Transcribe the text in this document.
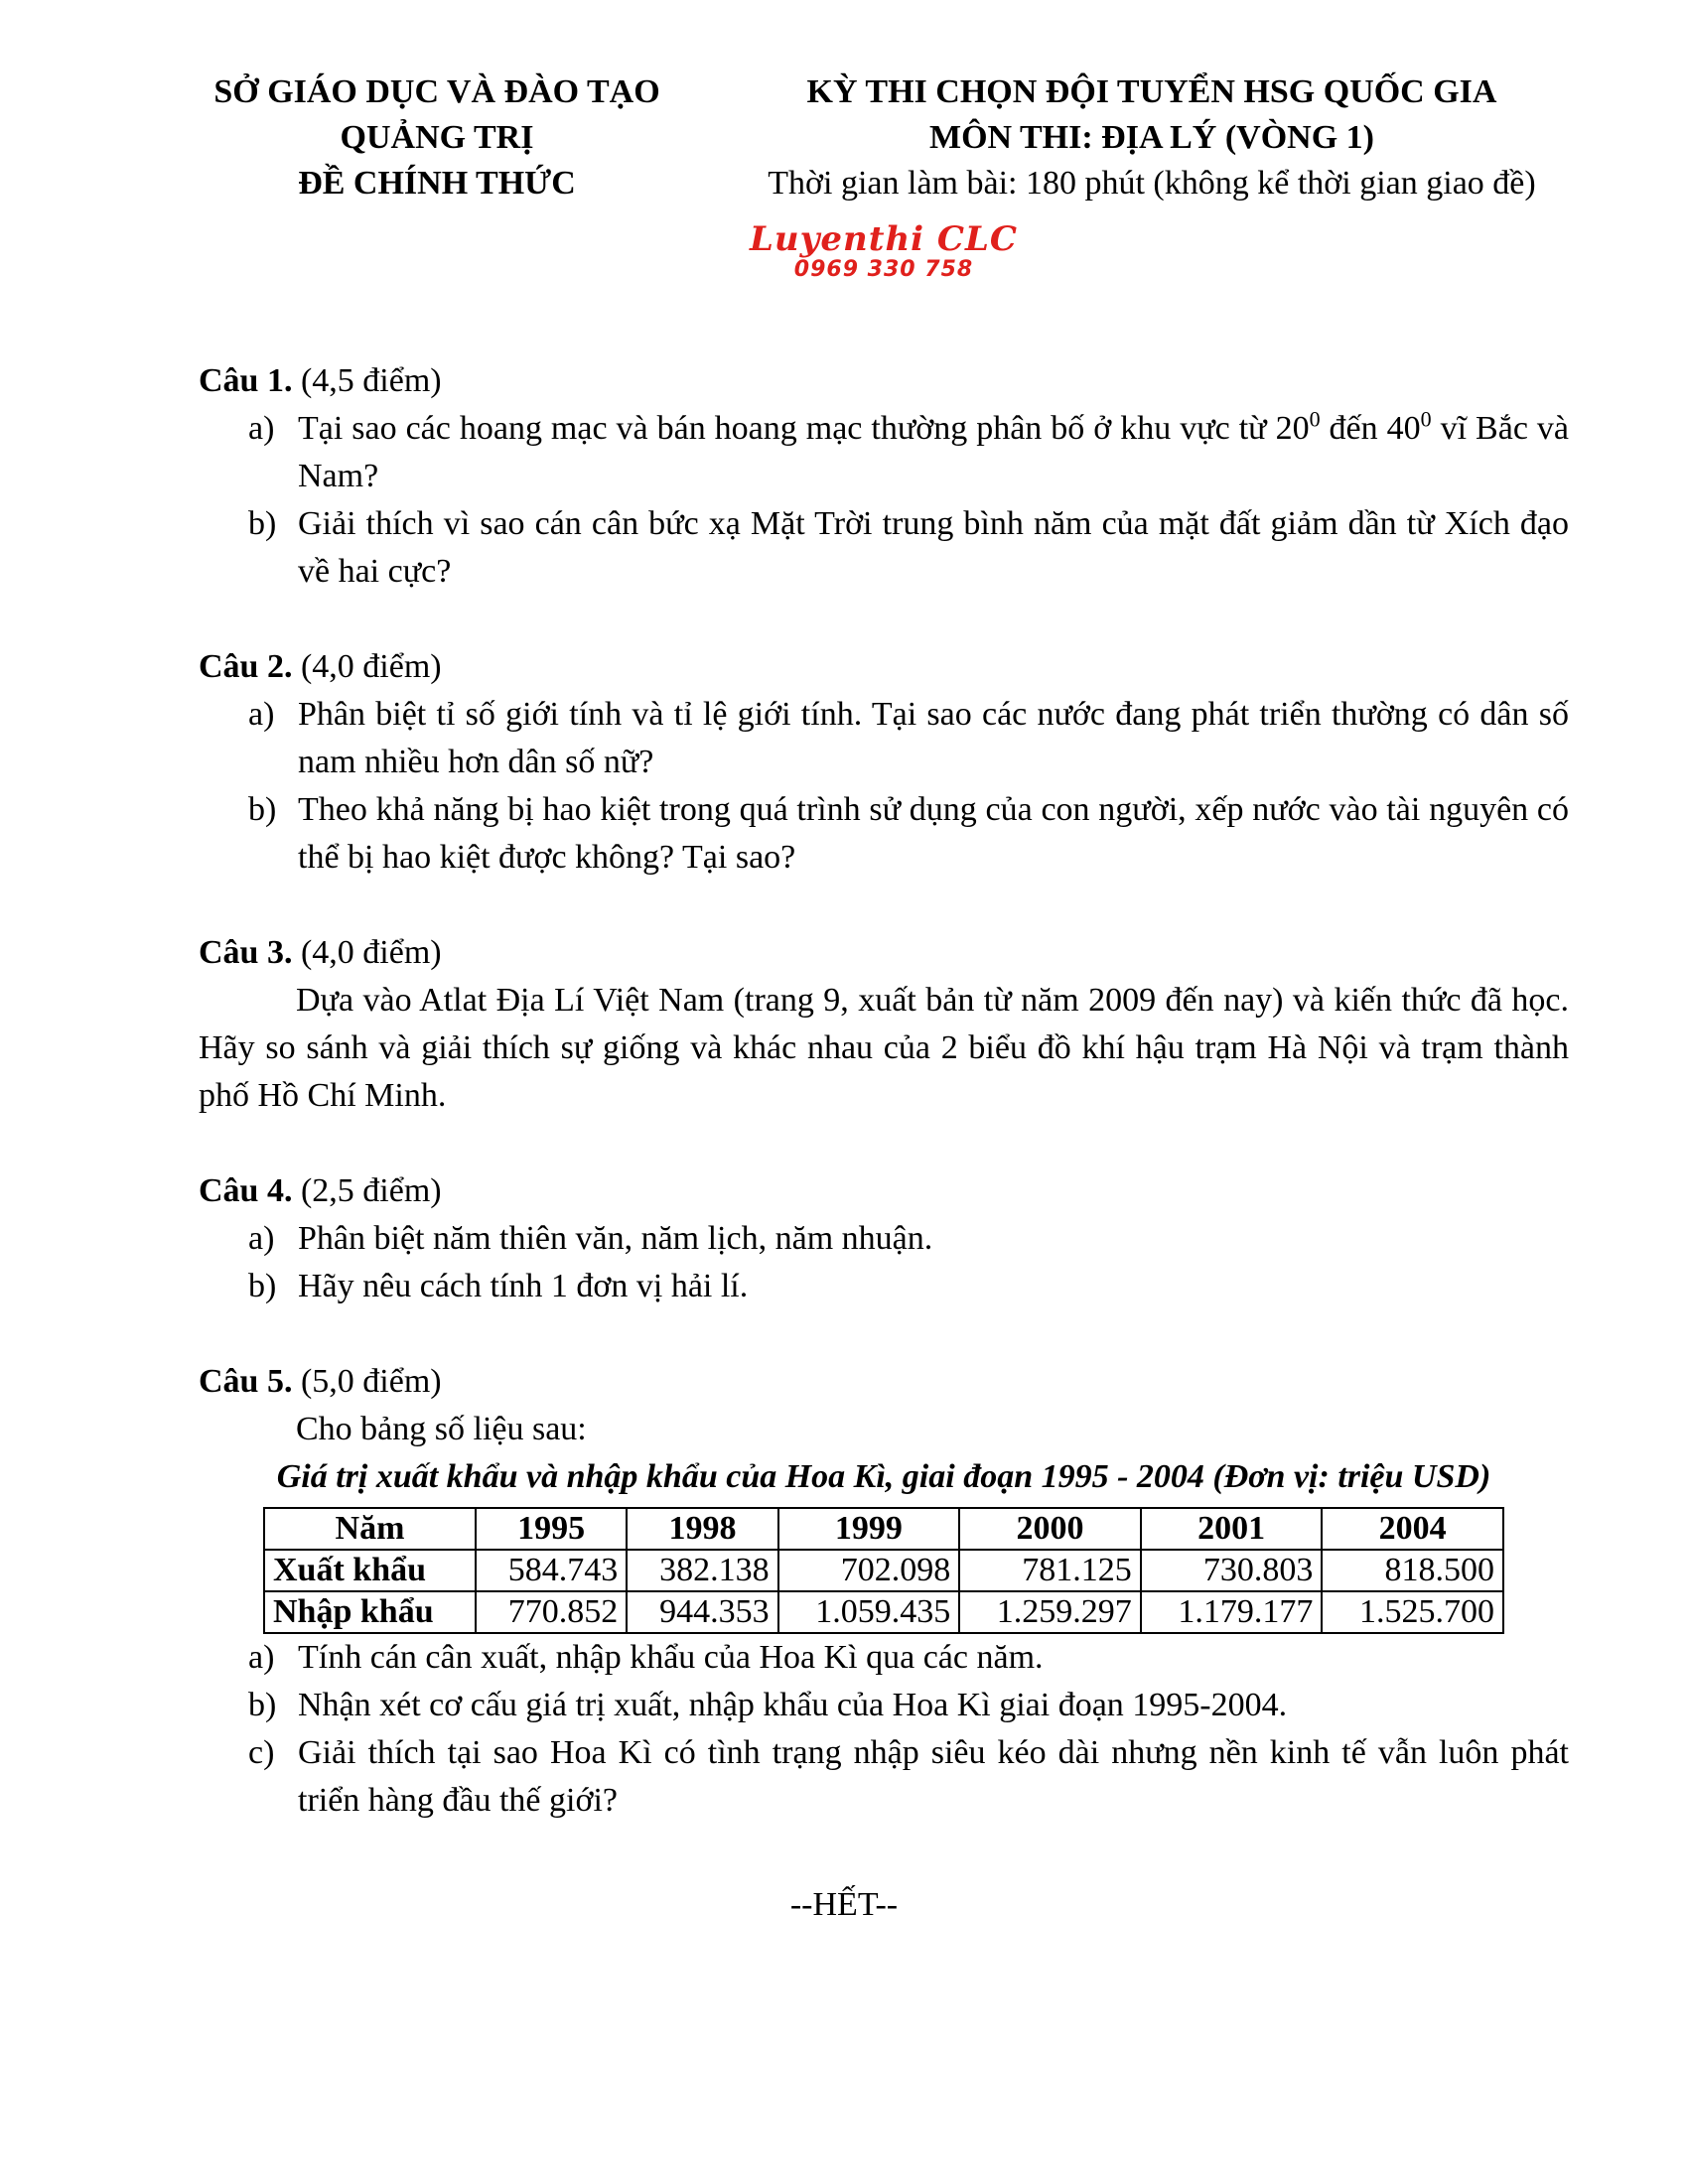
SỞ GIÁO DỤC VÀ ĐÀO TẠO
QUẢNG TRỊ
ĐỀ CHÍNH THỨC
KỲ THI CHỌN ĐỘI TUYỂN HSG QUỐC GIA
MÔN THI: ĐỊA LÝ (VÒNG 1)
Thời gian làm bài: 180 phút (không kể thời gian giao đề)
Luyenthi CLC
0969 330 758
Câu 1. (4,5 điểm)
a) Tại sao các hoang mạc và bán hoang mạc thường phân bố ở khu vực từ $20^0$ đến $40^0$ vĩ Bắc và Nam?
b) Giải thích vì sao cán cân bức xạ Mặt Trời trung bình năm của mặt đất giảm dần từ Xích đạo về hai cực?
Câu 2. (4,0 điểm)
a) Phân biệt tỉ số giới tính và tỉ lệ giới tính. Tại sao các nước đang phát triển thường có dân số nam nhiều hơn dân số nữ?
b) Theo khả năng bị hao kiệt trong quá trình sử dụng của con người, xếp nước vào tài nguyên có thể bị hao kiệt được không? Tại sao?
Câu 3. (4,0 điểm)
Dựa vào Atlat Địa Lí Việt Nam (trang 9, xuất bản từ năm 2009 đến nay) và kiến thức đã học. Hãy so sánh và giải thích sự giống và khác nhau của 2 biểu đồ khí hậu trạm Hà Nội và trạm thành phố Hồ Chí Minh.
Câu 4. (2,5 điểm)
a) Phân biệt năm thiên văn, năm lịch, năm nhuận.
b) Hãy nêu cách tính 1 đơn vị hải lí.
Câu 5. (5,0 điểm)
Cho bảng số liệu sau:
Giá trị xuất khẩu và nhập khẩu của Hoa Kì, giai đoạn 1995 - 2004 (Đơn vị: triệu USD)
Năm	1995	1998	1999	2000	2001	2004
Xuất khẩu	584.743	382.138	702.098	781.125	730.803	818.500
Nhập khẩu	770.852	944.353	1.059.435	1.259.297	1.179.177	1.525.700
a) Tính cán cân xuất, nhập khẩu của Hoa Kì qua các năm.
b) Nhận xét cơ cấu giá trị xuất, nhập khẩu của Hoa Kì giai đoạn 1995-2004.
c) Giải thích tại sao Hoa Kì có tình trạng nhập siêu kéo dài nhưng nền kinh tế vẫn luôn phát triển hàng đầu thế giới?
--HẾT--
